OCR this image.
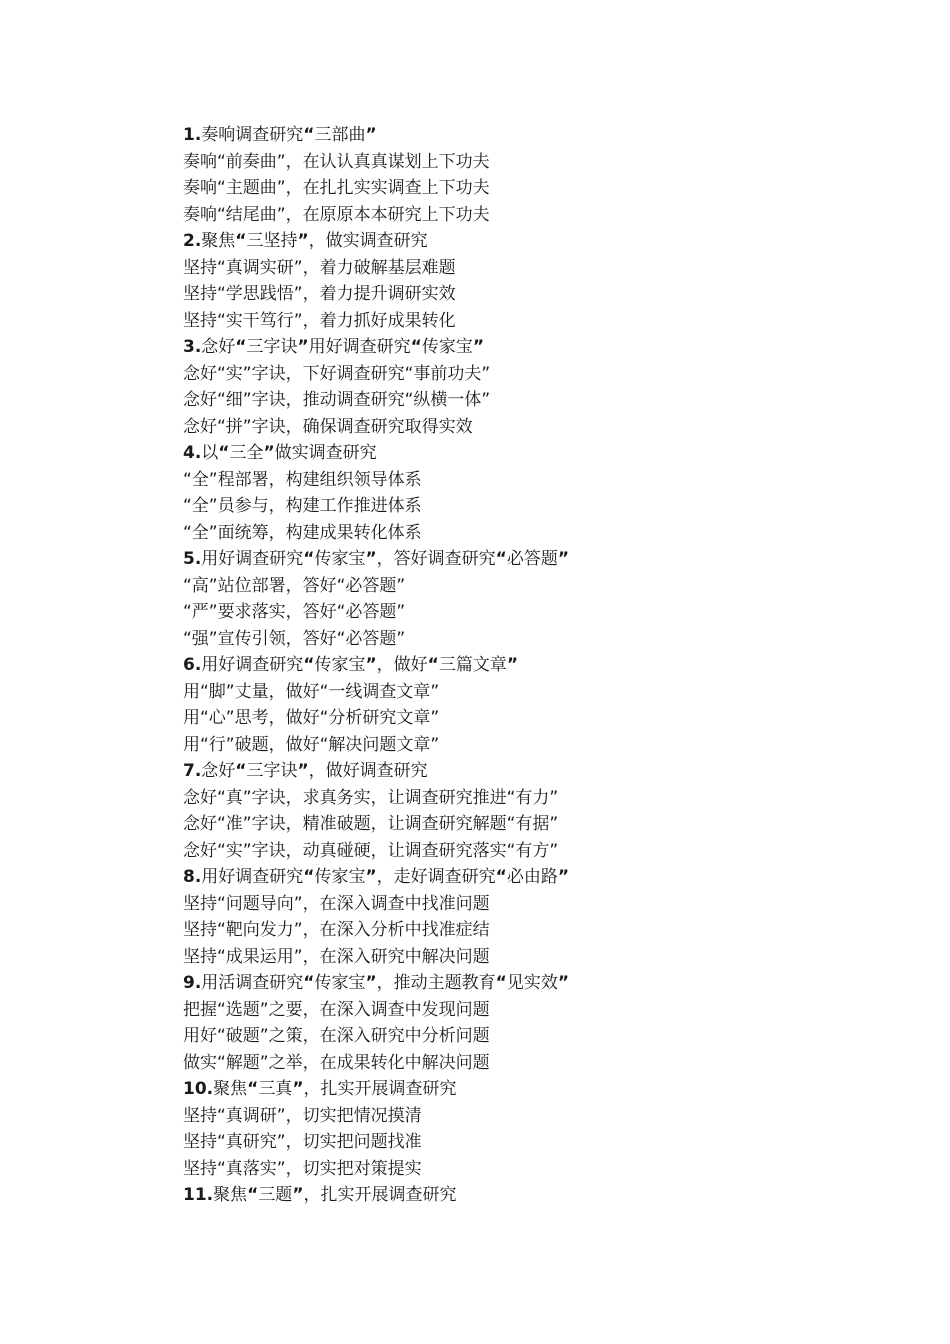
1.奏响调查研究“三部曲”
奏响“前奏曲”，在认认真真谋划上下功夫
奏响“主题曲”，在扎扎实实调查上下功夫
奏响“结尾曲”，在原原本本研究上下功夫
2.聚焦“三坚持”，做实调查研究
坚持“真调实研”，着力破解基层难题
坚持“学思践悟”，着力提升调研实效
坚持“实干笃行”，着力抓好成果转化
3.念好“三字诀”用好调查研究“传家宝”
念好“实”字诀，下好调查研究“事前功夫”
念好“细”字诀，推动调查研究“纵横一体”
念好“拼”字诀，确保调查研究取得实效
4.以“三全”做实调查研究
“全”程部署，构建组织领导体系
“全”员参与，构建工作推进体系
“全”面统筹，构建成果转化体系
5.用好调查研究“传家宝”，答好调查研究“必答题”
“高”站位部署，答好“必答题”
“严”要求落实，答好“必答题”
“强”宣传引领，答好“必答题”
6.用好调查研究“传家宝”，做好“三篇文章”
用“脚”丈量，做好“一线调查文章”
用“心”思考，做好“分析研究文章”
用“行”破题，做好“解决问题文章”
7.念好“三字诀”，做好调查研究
念好“真”字诀，求真务实，让调查研究推进“有力”
念好“准”字诀，精准破题，让调查研究解题“有据”
念好“实”字诀，动真碰硬，让调查研究落实“有方”
8.用好调查研究“传家宝”，走好调查研究“必由路”
坚持“问题导向”，在深入调查中找准问题
坚持“靶向发力”，在深入分析中找准症结
坚持“成果运用”，在深入研究中解决问题
9.用活调查研究“传家宝”，推动主题教育“见实效”
把握“选题”之要，在深入调查中发现问题
用好“破题”之策，在深入研究中分析问题
做实“解题”之举，在成果转化中解决问题
10.聚焦“三真”，扎实开展调查研究
坚持“真调研”，切实把情况摸清
坚持“真研究”，切实把问题找准
坚持“真落实”，切实把对策提实
11.聚焦“三题”，扎实开展调查研究
